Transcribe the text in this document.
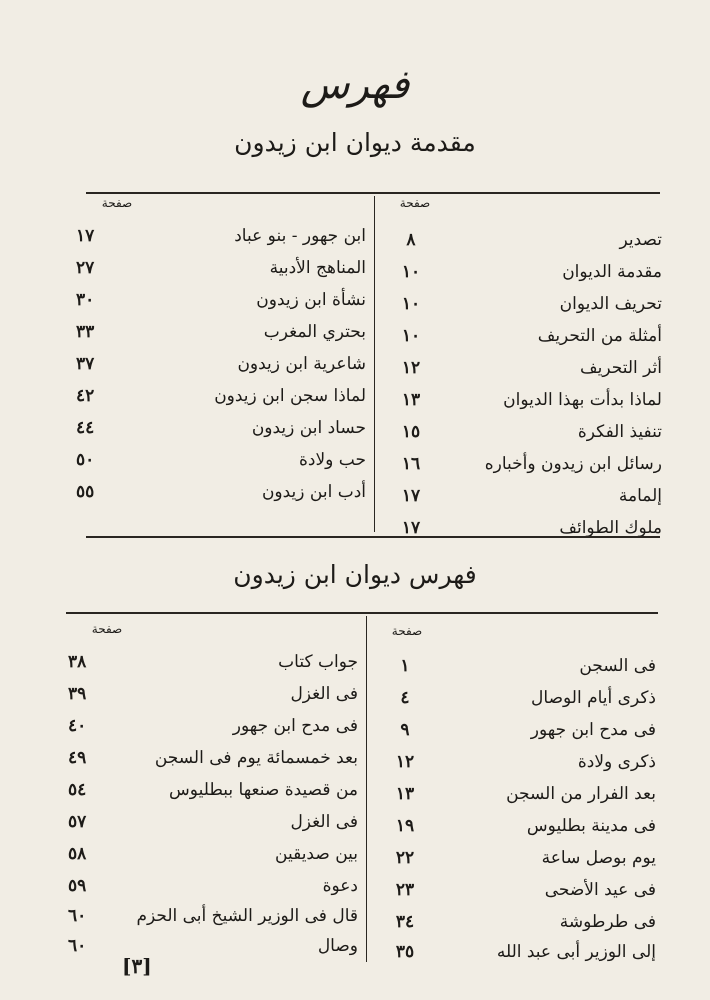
فهرس
مقدمة ديوان ابن زيدون
صفحة
صفحة
تصدير
٨
مقدمة الديوان
١٠
تحريف الديوان
١٠
أمثلة من التحريف
١٠
أثر التحريف
١٢
لماذا بدأت بهذا الديوان
١٣
تنفيذ الفكرة
١٥
رسائل ابن زيدون وأخباره
١٦
إلمامة
١٧
ملوك الطوائف
١٧
ابن جهور - بنو عباد
١٧
المناهج الأدبية
٢٧
نشأة ابن زيدون
٣٠
بحتري المغرب
٣٣
شاعرية ابن زيدون
٣٧
لماذا سجن ابن زيدون
٤٢
حساد ابن زيدون
٤٤
حب ولادة
٥٠
أدب ابن زيدون
٥٥
فهرس ديوان ابن زيدون
صفحة
صفحة
فى السجن
١
ذكرى أيام الوصال
٤
فى مدح ابن جهور
٩
ذكرى ولادة
١٢
بعد الفرار من السجن
١٣
فى مدينة بطليوس
١٩
يوم بوصل ساعة
٢٢
فى عيد الأضحى
٢٣
فى طرطوشة
٣٤
إلى الوزير أبى عبد الله
٣٥
جواب كتاب
٣٨
فى الغزل
٣٩
فى مدح ابن جهور
٤٠
بعد خمسمائة يوم فى السجن
٤٩
من قصيدة صنعها ببطليوس
٥٤
فى الغزل
٥٧
بين صديقين
٥٨
دعوة
٥٩
قال فى الوزير الشيخ أبى الحزم
٦٠
وصال
٦٠
[٣]
